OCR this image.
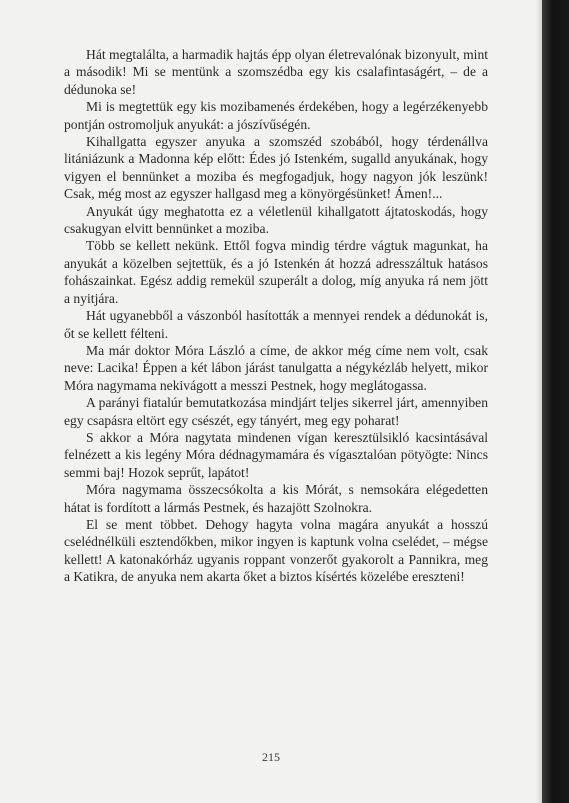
Hát megtalálta, a harmadik hajtás épp olyan életrevalónak bizonyult, mint a második! Mi se mentünk a szomszédba egy kis csalafintaságért, – de a dédunoka se!

Mi is megtettük egy kis mozibamenés érdekében, hogy a legérzékenyebb pontján ostromoljuk anyukát: a jószívűségén.

Kihallgatta egyszer anyuka a szomszéd szobából, hogy térdenállva litániázunk a Madonna kép előtt: Édes jó Istenkém, sugalld anyukának, hogy vigyen el bennünket a moziba és megfogadjuk, hogy nagyon jók leszünk! Csak, még most az egyszer hallgasd meg a könyörgésünket! Ámen!...

Anyukát úgy meghatotta ez a véletlenül kihallgatott ájtatoskodás, hogy csakugyan elvitt bennünket a moziba.

Több se kellett nekünk. Ettől fogva mindig térdre vágtuk magunkat, ha anyukát a közelben sejtettük, és a jó Istenkén át hozzá adresszáltuk hatásos fohászainkat. Egész addig remekül szuperált a dolog, míg anyuka rá nem jött a nyitjára.

Hát ugyanebből a vászonból hasították a mennyei rendek a dédunokát is, őt se kellett félteni.

Ma már doktor Móra László a címe, de akkor még címe nem volt, csak neve: Lacika! Éppen a két lábon járást tanulgatta a négykézláb helyett, mikor Móra nagymama nekivágott a messzi Pestnek, hogy meglátogassa.

A parányi fiatalúr bemutatkozása mindjárt teljes sikerrel járt, amennyiben egy csapásra eltört egy csészét, egy tányért, meg egy poharat!

S akkor a Móra nagytata mindenen vígan keresztülsikló kacsintásával felnézett a kis legény Móra dédnagymamára és vígasztalóan pötyögte: Nincs semmi baj! Hozok seprűt, lapátot!

Móra nagymama összecsókolta a kis Mórát, s nemsokára elégedetten hátat is fordított a lármás Pestnek, és hazajött Szolnokra.

El se ment többet. Dehogy hagyta volna magára anyukát a hosszú cselédnélküli esztendőkben, mikor ingyen is kaptunk volna cselédet, – mégse kellett! A katonakórház ugyanis roppant vonzerőt gyakorolt a Pannikra, meg a Katikra, de anyuka nem akarta őket a biztos kísértés közelébe ereszteni!

215
